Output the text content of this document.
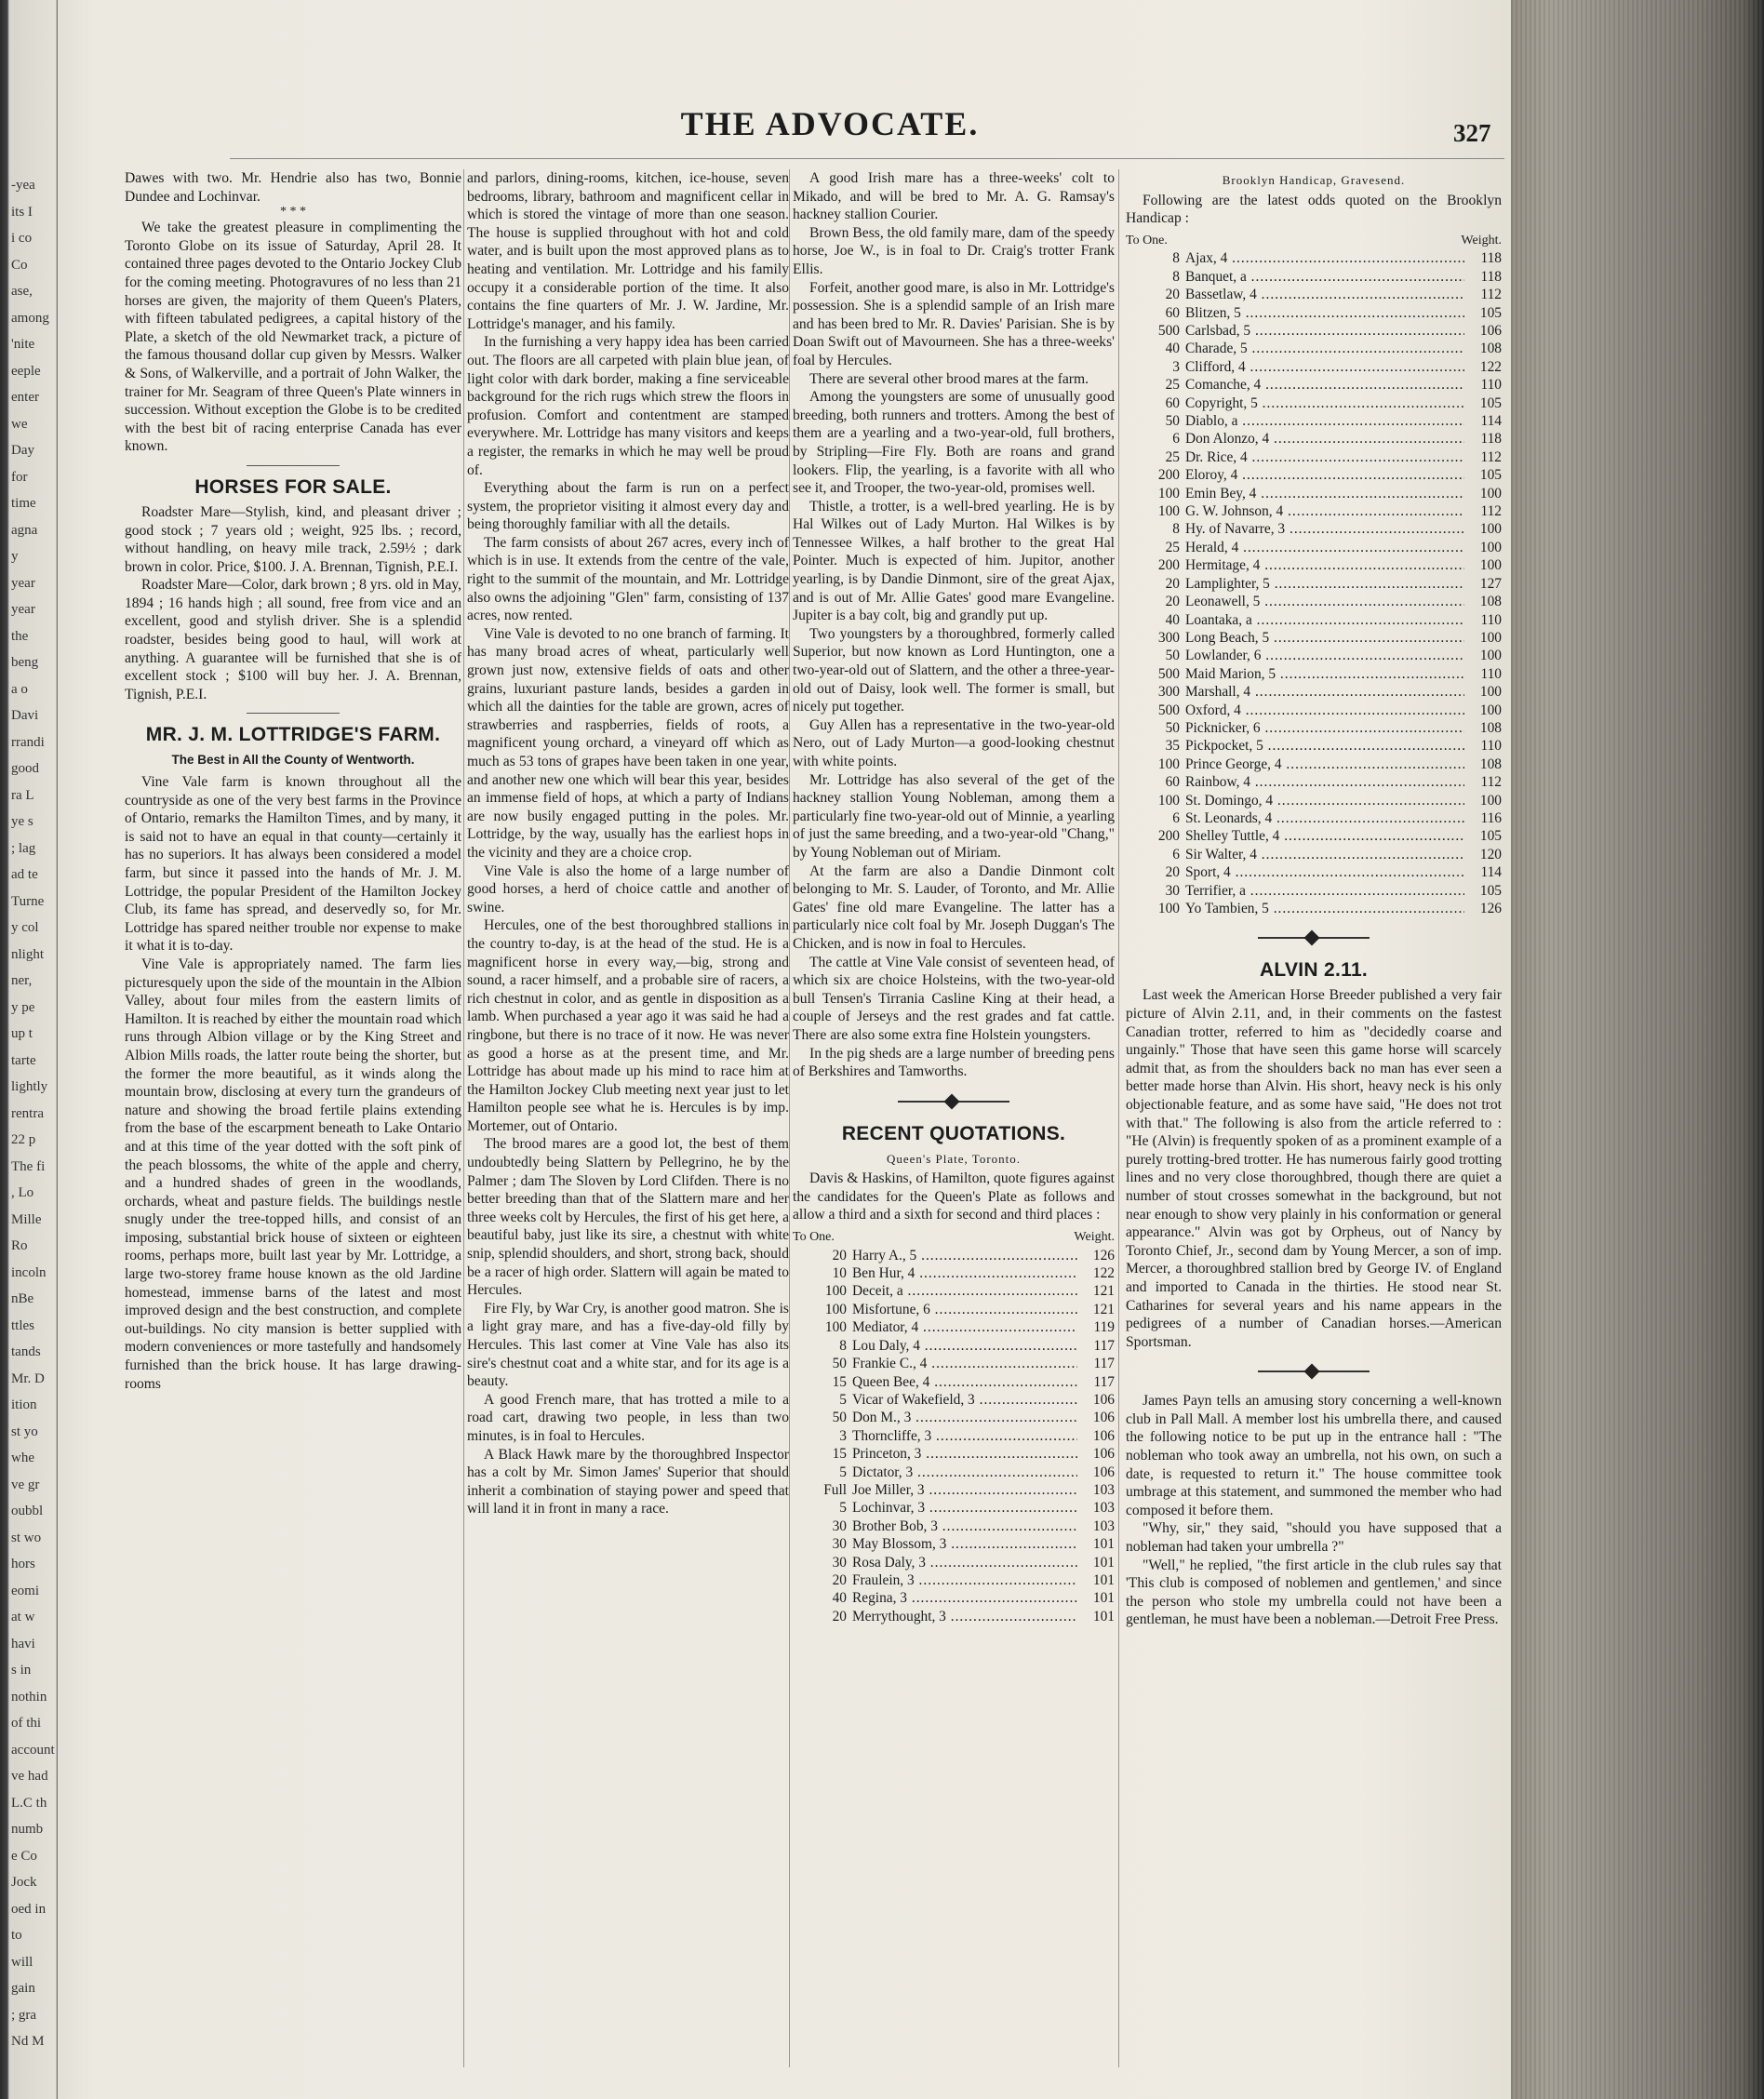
-yea
its I
i co
Co
ase,
among
'nite
eeple
enter
we
Day
for
time
agna
y
year
year
the
beng
a o
Davi
rrandi
good
ra L
ye s
; lag
ad te
Turne
y col
nlight
ner,
y pe
up t
tarte
lightly
rentra
22 p
The fi
, Lo
Mille
Ro
incoln
nBe
ttles
tands
Mr. D
ition
st yo
whe
ve gr
oubbl
st wo
hors
eomi
at w
havi
s in
nothin
of thi
account
ve had
L.C th
numb
e Co
Jock
oed in
to
will
gain
; gra
Nd M
THE ADVOCATE.	327

Dawes with two. Mr. Hendrie also has two, Bonnie Dundee and Lochinvar.

* * *

We take the greatest pleasure in complimenting the Toronto Globe on its issue of Saturday, April 28. It contained three pages devoted to the Ontario Jockey Club for the coming meeting. Photogravures of no less than 21 horses are given, the majority of them Queen's Platers, with fifteen tabulated pedigrees, a capital history of the Plate, a sketch of the old Newmarket track, a picture of the famous thousand dollar cup given by Messrs. Walker & Sons, of Walkerville, and a portrait of John Walker, the trainer for Mr. Seagram of three Queen's Plate winners in succession. Without exception the Globe is to be credited with the best bit of racing enterprise Canada has ever known.

HORSES FOR SALE.

Roadster Mare—Stylish, kind, and pleasant driver ; good stock ; 7 years old ; weight, 925 lbs. ; record, without handling, on heavy mile track, 2.59½ ; dark brown in color. Price, $100. J. A. Brennan, Tignish, P.E.I.

Roadster Mare—Color, dark brown ; 8 yrs. old in May, 1894 ; 16 hands high ; all sound, free from vice and an excellent, good and stylish driver. She is a splendid roadster, besides being good to haul, will work at anything. A guarantee will be furnished that she is of excellent stock ; $100 will buy her. J. A. Brennan, Tignish, P.E.I.

MR. J. M. LOTTRIDGE'S FARM.
The Best in All the County of Wentworth.

Vine Vale farm is known throughout all the countryside as one of the very best farms in the Province of Ontario, remarks the Hamilton Times, and by many, it is said not to have an equal in that county—certainly it has no superiors. It has always been considered a model farm, but since it passed into the hands of Mr. J. M. Lottridge, the popular President of the Hamilton Jockey Club, its fame has spread, and deservedly so, for Mr. Lottridge has spared neither trouble nor expense to make it what it is to-day.

Vine Vale is appropriately named. The farm lies picturesquely upon the side of the mountain in the Albion Valley, about four miles from the eastern limits of Hamilton. It is reached by either the mountain road which runs through Albion village or by the King Street and Albion Mills roads, the latter route being the shorter, but the former the more beautiful, as it winds along the mountain brow, disclosing at every turn the grandeurs of nature and showing the broad fertile plains extending from the base of the escarpment beneath to Lake Ontario and at this time of the year dotted with the soft pink of the peach blossoms, the white of the apple and cherry, and a hundred shades of green in the woodlands, orchards, wheat and pasture fields. The buildings nestle snugly under the tree-topped hills, and consist of an imposing, substantial brick house of sixteen or eighteen rooms, perhaps more, built last year by Mr. Lottridge, a large two-storey frame house known as the old Jardine homestead, immense barns of the latest and most improved design and the best construction, and complete out-buildings. No city mansion is better supplied with modern conveniences or more tastefully and handsomely furnished than the brick house. It has large drawing-rooms

and parlors, dining-rooms, kitchen, ice-house, seven bedrooms, library, bathroom and magnificent cellar in which is stored the vintage of more than one season. The house is supplied throughout with hot and cold water, and is built upon the most approved plans as to heating and ventilation. Mr. Lottridge and his family occupy it a considerable portion of the time. It also contains the fine quarters of Mr. J. W. Jardine, Mr. Lottridge's manager, and his family.

In the furnishing a very happy idea has been carried out. The floors are all carpeted with plain blue jean, of light color with dark border, making a fine serviceable background for the rich rugs which strew the floors in profusion. Comfort and contentment are stamped everywhere. Mr. Lottridge has many visitors and keeps a register, the remarks in which he may well be proud of.

Everything about the farm is run on a perfect system, the proprietor visiting it almost every day and being thoroughly familiar with all the details.

The farm consists of about 267 acres, every inch of which is in use. It extends from the centre of the vale, right to the summit of the mountain, and Mr. Lottridge also owns the adjoining "Glen" farm, consisting of 137 acres, now rented.

Vine Vale is devoted to no one branch of farming. It has many broad acres of wheat, particularly well grown just now, extensive fields of oats and other grains, luxuriant pasture lands, besides a garden in which all the dainties for the table are grown, acres of strawberries and raspberries, fields of roots, a magnificent young orchard, a vineyard off which as much as 53 tons of grapes have been taken in one year, and another new one which will bear this year, besides an immense field of hops, at which a party of Indians are now busily engaged putting in the poles. Mr. Lottridge, by the way, usually has the earliest hops in the vicinity and they are a choice crop.

Vine Vale is also the home of a large number of good horses, a herd of choice cattle and another of swine.

Hercules, one of the best thoroughbred stallions in the country to-day, is at the head of the stud. He is a magnificent horse in every way,—big, strong and sound, a racer himself, and a probable sire of racers, a rich chestnut in color, and as gentle in disposition as a lamb. When purchased a year ago it was said he had a ringbone, but there is no trace of it now. He was never as good a horse as at the present time, and Mr. Lottridge has about made up his mind to race him at the Hamilton Jockey Club meeting next year just to let Hamilton people see what he is. Hercules is by imp. Mortemer, out of Ontario.

The brood mares are a good lot, the best of them undoubtedly being Slattern by Pellegrino, he by the Palmer ; dam The Sloven by Lord Clifden. There is no better breeding than that of the Slattern mare and her three weeks colt by Hercules, the first of his get here, a beautiful baby, just like its sire, a chestnut with white snip, splendid shoulders, and short, strong back, should be a racer of high order. Slattern will again be mated to Hercules.

Fire Fly, by War Cry, is another good matron. She is a light gray mare, and has a five-day-old filly by Hercules. This last comer at Vine Vale has also its sire's chestnut coat and a white star, and for its age is a beauty.

A good French mare, that has trotted a mile to a road cart, drawing two people, in less than two minutes, is in foal to Hercules.

A Black Hawk mare by the thoroughbred Inspector has a colt by Mr. Simon James' Superior that should inherit a combination of staying power and speed that will land it in front in many a race.

A good Irish mare has a three-weeks' colt to Mikado, and will be bred to Mr. A. G. Ramsay's hackney stallion Courier.

Brown Bess, the old family mare, dam of the speedy horse, Joe W., is in foal to Dr. Craig's trotter Frank Ellis.

Forfeit, another good mare, is also in Mr. Lottridge's possession. She is a splendid sample of an Irish mare and has been bred to Mr. R. Davies' Parisian. She is by Doan Swift out of Mavourneen. She has a three-weeks' foal by Hercules.

There are several other brood mares at the farm.

Among the youngsters are some of unusually good breeding, both runners and trotters. Among the best of them are a yearling and a two-year-old, full brothers, by Stripling—Fire Fly. Both are roans and grand lookers. Flip, the yearling, is a favorite with all who see it, and Trooper, the two-year-old, promises well.

Thistle, a trotter, is a well-bred yearling. He is by Hal Wilkes out of Lady Murton. Hal Wilkes is by Tennessee Wilkes, a half brother to the great Hal Pointer. Much is expected of him. Jupitor, another yearling, is by Dandie Dinmont, sire of the great Ajax, and is out of Mr. Allie Gates' good mare Evangeline. Jupiter is a bay colt, big and grandly put up.

Two youngsters by a thoroughbred, formerly called Superior, but now known as Lord Huntington, one a two-year-old out of Slattern, and the other a three-year-old out of Daisy, look well. The former is small, but nicely put together.

Guy Allen has a representative in the two-year-old Nero, out of Lady Murton—a good-looking chestnut with white points.

Mr. Lottridge has also several of the get of the hackney stallion Young Nobleman, among them a particularly fine two-year-old out of Minnie, a yearling of just the same breeding, and a two-year-old "Chang," by Young Nobleman out of Miriam.

At the farm are also a Dandie Dinmont colt belonging to Mr. S. Lauder, of Toronto, and Mr. Allie Gates' fine old mare Evangeline. The latter has a particularly nice colt foal by Mr. Joseph Duggan's The Chicken, and is now in foal to Hercules.

The cattle at Vine Vale consist of seventeen head, of which six are choice Holsteins, with the two-year-old bull Tensen's Tirrania Casline King at their head, a couple of Jerseys and the rest grades and fat cattle. There are also some extra fine Holstein youngsters.

In the pig sheds are a large number of breeding pens of Berkshires and Tamworths.

RECENT QUOTATIONS.
Queen's Plate, Toronto.

Davis & Haskins, of Hamilton, quote figures against the candidates for the Queen's Plate as follows and allow a third and a sixth for second and third places :

To One.	Weight.
20 Harry A., 5 .....	126
10 Ben Hur, 4 .....	122
100 Deceit, a .....	121
100 Misfortune, 6 .....	121
100 Mediator, 4 .....	119
8 Lou Daly, 4 .....	117
50 Frankie C., 4 .....	117
15 Queen Bee, 4 .....	117
5 Vicar of Wakefield, 3 .....	106
50 Don M., 3 .....	106
3 Thorncliffe, 3 .....	106
15 Princeton, 3 .....	106
5 Dictator, 3 .....	106
Full Joe Miller, 3 .....	103
5 Lochinvar, 3 .....	103
30 Brother Bob, 3 .....	103
30 May Blossom, 3 .....	101
30 Rosa Daly, 3 .....	101
20 Fraulein, 3 .....	101
40 Regina, 3 .....	101
20 Merrythought, 3 .....	101
Brooklyn Handicap, Gravesend.

Following are the latest odds quoted on the Brooklyn Handicap :

To One.	Weight.
8 Ajax, 4 .....	118
8 Banquet, a .....	118
20 Bassetlaw, 4 .....	112
60 Blitzen, 5 .....	105
500 Carlsbad, 5 .....	106
40 Charade, 5 .....	108
3 Clifford, 4 .....	122
25 Comanche, 4 .....	110
60 Copyright, 5 .....	105
50 Diablo, a .....	114
6 Don Alonzo, 4 .....	118
25 Dr. Rice, 4 .....	112
200 Eloroy, 4 .....	105
100 Emin Bey, 4 .....	100
100 G. W. Johnson, 4 .....	112
8 Hy. of Navarre, 3 .....	100
25 Herald, 4 .....	100
200 Hermitage, 4 .....	100
20 Lamplighter, 5 .....	127
20 Leonawell, 5 .....	108
40 Loantaka, a .....	110
300 Long Beach, 5 .....	100
50 Lowlander, 6 .....	100
500 Maid Marion, 5 .....	110
300 Marshall, 4 .....	100
500 Oxford, 4 .....	100
50 Picknicker, 6 .....	108
35 Pickpocket, 5 .....	110
100 Prince George, 4 .....	108
60 Rainbow, 4 .....	112
100 St. Domingo, 4 .....	100
6 St. Leonards, 4 .....	116
200 Shelley Tuttle, 4 .....	105
6 Sir Walter, 4 .....	120
20 Sport, 4 .....	114
30 Terrifier, a .....	105
100 Yo Tambien, 5 .....	126
ALVIN 2.11.

Last week the American Horse Breeder published a very fair picture of Alvin 2.11, and, in their comments on the fastest Canadian trotter, referred to him as "decidedly coarse and ungainly." Those that have seen this game horse will scarcely admit that, as from the shoulders back no man has ever seen a better made horse than Alvin. His short, heavy neck is his only objectionable feature, and as some have said, "He does not trot with that." The following is also from the article referred to : "He (Alvin) is frequently spoken of as a prominent example of a purely trotting-bred trotter. He has numerous fairly good trotting lines and no very close thoroughbred, though there are quiet a number of stout crosses somewhat in the background, but not near enough to show very plainly in his conformation or general appearance." Alvin was got by Orpheus, out of Nancy by Toronto Chief, Jr., second dam by Young Mercer, a son of imp. Mercer, a thoroughbred stallion bred by George IV. of England and imported to Canada in the thirties. He stood near St. Catharines for several years and his name appears in the pedigrees of a number of Canadian horses.—American Sportsman.

James Payn tells an amusing story concerning a well-known club in Pall Mall. A member lost his umbrella there, and caused the following notice to be put up in the entrance hall : "The nobleman who took away an umbrella, not his own, on such a date, is requested to return it." The house committee took umbrage at this statement, and summoned the member who had composed it before them.

"Why, sir," they said, "should you have supposed that a nobleman had taken your umbrella ?"

"Well," he replied, "the first article in the club rules say that 'This club is composed of noblemen and gentlemen,' and since the person who stole my umbrella could not have been a gentleman, he must have been a nobleman.—Detroit Free Press.
